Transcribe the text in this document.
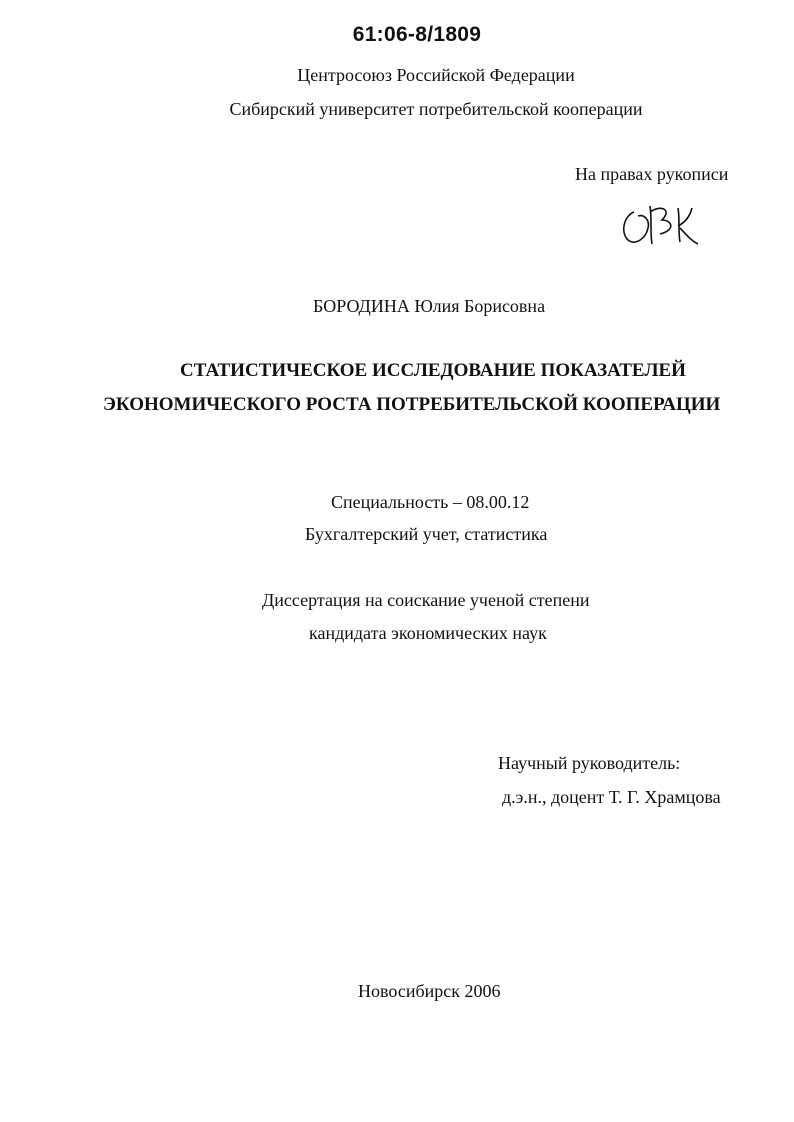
61:06-8/1809
Центросоюз Российской Федерации
Сибирский университет потребительской кооперации
На правах рукописи
БОРОДИНА Юлия Борисовна
СТАТИСТИЧЕСКОЕ ИССЛЕДОВАНИЕ ПОКАЗАТЕЛЕЙ
ЭКОНОМИЧЕСКОГО РОСТА ПОТРЕБИТЕЛЬСКОЙ КООПЕРАЦИИ
Специальность – 08.00.12
Бухгалтерский учет, статистика
Диссертация на соискание ученой степени
кандидата экономических наук
Научный руководитель:
д.э.н., доцент Т. Г. Храмцова
Новосибирск 2006
